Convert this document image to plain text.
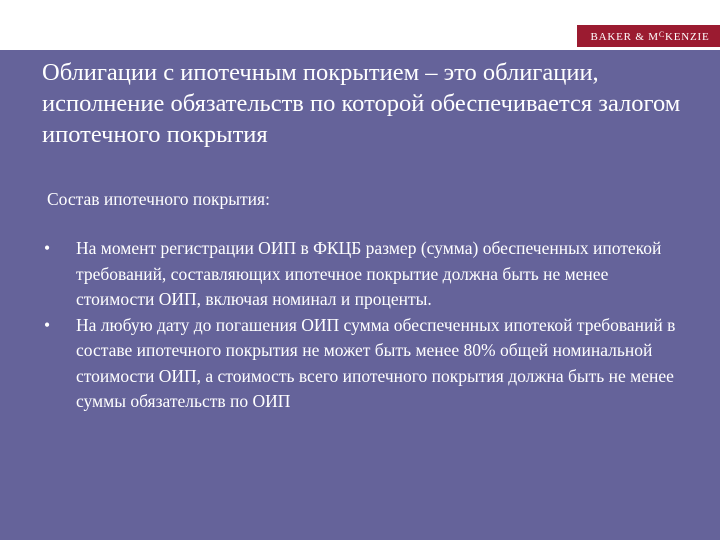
BAKER & $M^CKENZIE$
Облигации с ипотечным покрытием – это облигации, исполнение обязательств по которой обеспечивается залогом ипотечного покрытия

Состав ипотечного покрытия:

• На момент регистрации ОИП в ФКЦБ размер (сумма) обеспеченных ипотекой требований, составляющих ипотечное покрытие должна быть не менее стоимости ОИП, включая номинал и проценты.
• На любую дату до погашения ОИП сумма обеспеченных ипотекой требований в составе ипотечного покрытия не может быть менее 80% общей номинальной стоимости ОИП, а стоимость всего ипотечного покрытия должна быть не менее суммы обязательств по ОИП
